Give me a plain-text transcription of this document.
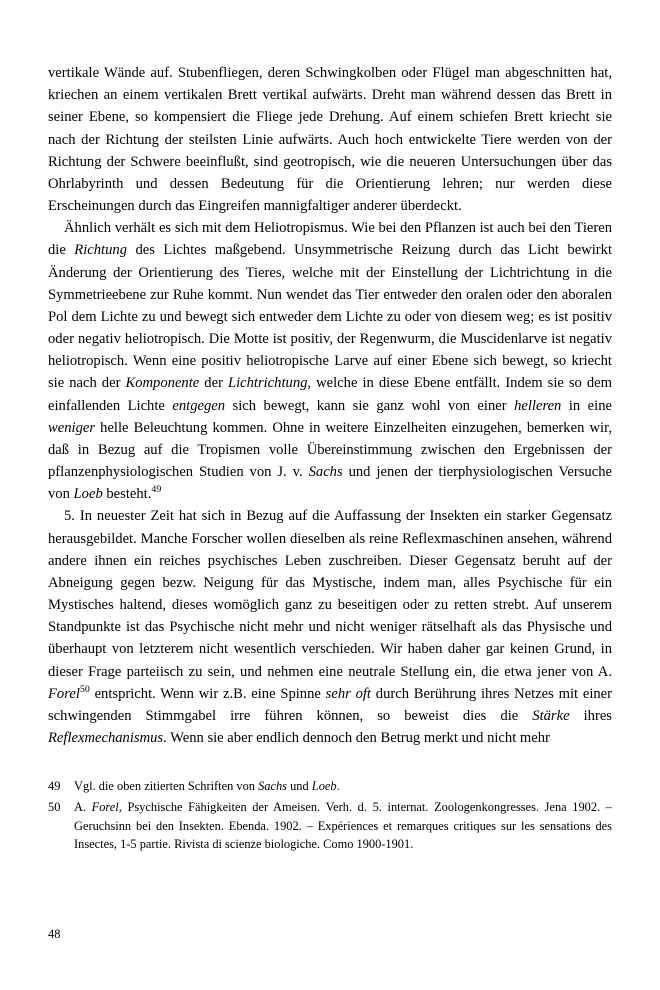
vertikale Wände auf. Stubenfliegen, deren Schwingkolben oder Flügel man abgeschnitten hat, kriechen an einem vertikalen Brett vertikal aufwärts. Dreht man während dessen das Brett in seiner Ebene, so kompensiert die Fliege jede Drehung. Auf einem schiefen Brett kriecht sie nach der Richtung der steilsten Linie aufwärts. Auch hoch entwickelte Tiere werden von der Richtung der Schwere beeinflußt, sind geotropisch, wie die neueren Untersuchungen über das Ohrlabyrinth und dessen Bedeutung für die Orientierung lehren; nur werden diese Erscheinungen durch das Eingreifen mannigfaltiger anderer überdeckt.

Ähnlich verhält es sich mit dem Heliotropismus. Wie bei den Pflanzen ist auch bei den Tieren die Richtung des Lichtes maßgebend. Unsymmetrische Reizung durch das Licht bewirkt Änderung der Orientierung des Tieres, welche mit der Einstellung der Lichtrichtung in die Symmetrieebene zur Ruhe kommt. Nun wendet das Tier entweder den oralen oder den aboralen Pol dem Lichte zu und bewegt sich entweder dem Lichte zu oder von diesem weg; es ist positiv oder negativ heliotropisch. Die Motte ist positiv, der Regenwurm, die Muscidenlarve ist negativ heliotropisch. Wenn eine positiv heliotropische Larve auf einer Ebene sich bewegt, so kriecht sie nach der Komponente der Lichtrichtung, welche in diese Ebene entfällt. Indem sie so dem einfallenden Lichte entgegen sich bewegt, kann sie ganz wohl von einer helleren in eine weniger helle Beleuchtung kommen. Ohne in weitere Einzelheiten einzugehen, bemerken wir, daß in Bezug auf die Tropismen volle Übereinstimmung zwischen den Ergebnissen der pflanzenphysiologischen Studien von J. v. Sachs und jenen der tierphysiologischen Versuche von Loeb besteht.$^{49}$

5. In neuester Zeit hat sich in Bezug auf die Auffassung der Insekten ein starker Gegensatz herausgebildet. Manche Forscher wollen dieselben als reine Reflexmaschinen ansehen, während andere ihnen ein reiches psychisches Leben zuschreiben. Dieser Gegensatz beruht auf der Abneigung gegen bezw. Neigung für das Mystische, indem man, alles Psychische für ein Mystisches haltend, dieses womöglich ganz zu beseitigen oder zu retten strebt. Auf unserem Standpunkte ist das Psychische nicht mehr und nicht weniger rätselhaft als das Physische und überhaupt von letzterem nicht wesentlich verschieden. Wir haben daher gar keinen Grund, in dieser Frage parteiisch zu sein, und nehmen eine neutrale Stellung ein, die etwa jener von A. Forel$^{50}$ entspricht. Wenn wir z.B. eine Spinne sehr oft durch Berührung ihres Netzes mit einer schwingenden Stimmgabel irre führen können, so beweist dies die Stärke ihres Reflexmechanismus. Wenn sie aber endlich dennoch den Betrug merkt und nicht mehr

49	Vgl. die oben zitierten Schriften von Sachs und Loeb.
50	A. Forel, Psychische Fähigkeiten der Ameisen. Verh. d. 5. internat. Zoologenkongresses. Jena 1902. – Geruchsinn bei den Insekten. Ebenda. 1902. – Expériences et remarques critiques sur les sensations des Insectes, 1-5 partie. Rivista di scienze biologiche. Como 1900-1901.
48
